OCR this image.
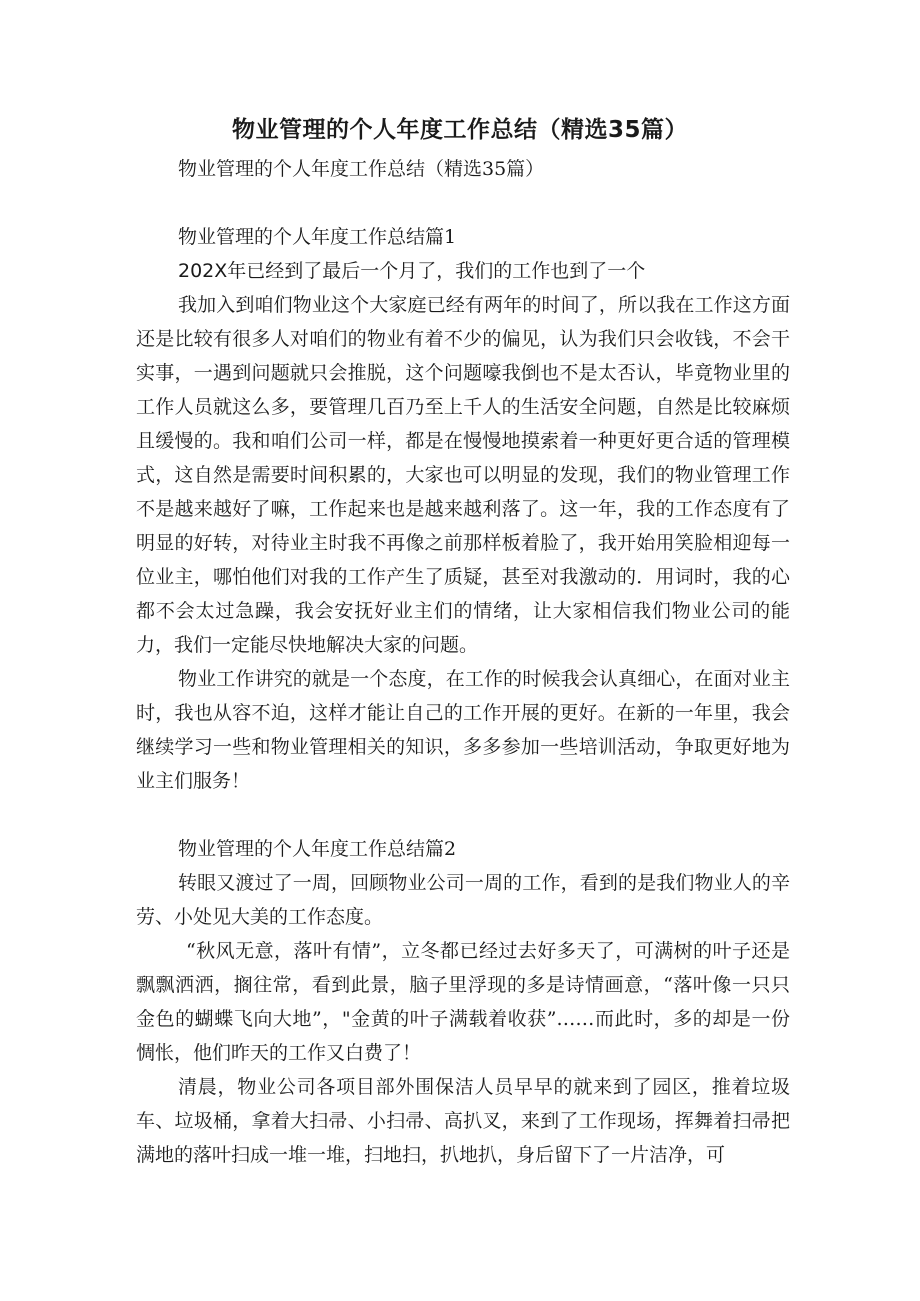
物业管理的个人年度工作总结（精选35篇）
物业管理的个人年度工作总结（精选35篇）
物业管理的个人年度工作总结篇1
202X年已经到了最后一个月了，我们的工作也到了一个

我加入到咱们物业这个大家庭已经有两年的时间了，所以我在工作这方面还是比较有很多人对咱们的物业有着不少的偏见，认为我们只会收钱，不会干实事，一遇到问题就只会推脱，这个问题嚎我倒也不是太否认，毕竟物业里的工作人员就这么多，要管理几百乃至上千人的生活安全问题，自然是比较麻烦且缓慢的。我和咱们公司一样，都是在慢慢地摸索着一种更好更合适的管理模式，这自然是需要时间积累的，大家也可以明显的发现，我们的物业管理工作不是越来越好了嘛，工作起来也是越来越利落了。这一年，我的工作态度有了明显的好转，对待业主时我不再像之前那样板着脸了，我开始用笑脸相迎每一位业主，哪怕他们对我的工作产生了质疑，甚至对我激动的．用词时，我的心都不会太过急躁，我会安抚好业主们的情绪，让大家相信我们物业公司的能力，我们一定能尽快地解决大家的问题。

物业工作讲究的就是一个态度，在工作的时候我会认真细心，在面对业主时，我也从容不迫，这样才能让自己的工作开展的更好。在新的一年里，我会继续学习一些和物业管理相关的知识，多多参加一些培训活动，争取更好地为业主们服务！

物业管理的个人年度工作总结篇2

转眼又渡过了一周，回顾物业公司一周的工作，看到的是我们物业人的辛劳、小处见大美的工作态度。

“秋风无意，落叶有情”，立冬都已经过去好多天了，可满树的叶子还是飘飘洒洒，搁往常，看到此景，脑子里浮现的多是诗情画意，“落叶像一只只金色的蝴蝶飞向大地”，"金黄的叶子满载着收获”……而此时，多的却是一份惆怅，他们昨天的工作又白费了！

清晨，物业公司各项目部外围保洁人员早早的就来到了园区，推着垃圾车、垃圾桶，拿着大扫帚、小扫帚、高扒叉，来到了工作现场，挥舞着扫帚把满地的落叶扫成一堆一堆，扫地扫，扒地扒，身后留下了一片洁净，可
